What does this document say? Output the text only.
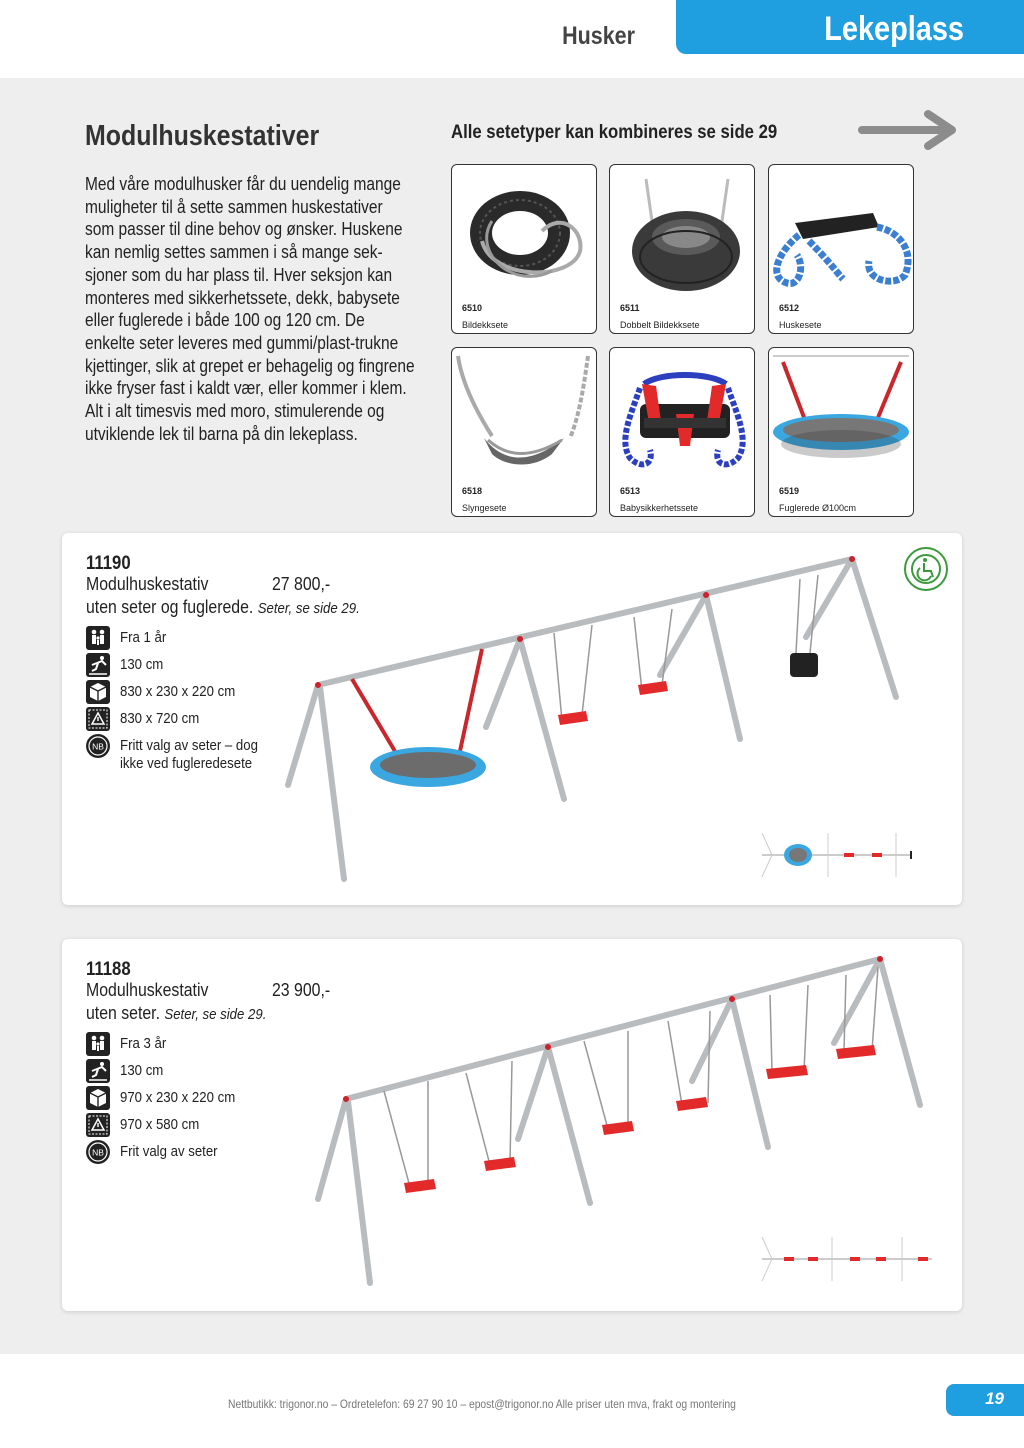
Husker	Lekeplass
Modulhuskestativer

Med våre modulhusker får du uendelig mange

muligheter til å sette sammen huskestativer

som passer til dine behov og ønsker. Huskene

kan nemlig settes sammen i så mange sek-

sjoner som du har plass til. Hver seksjon kan

monteres med sikkerhetssete, dekk, babysete

eller fuglerede i både 100 og 120 cm. De

enkelte seter leveres med gummi/plast-trukne

kjettinger, slik at grepet er behagelig og fingrene

ikke fryser fast i kaldt vær, eller kommer i klem.

Alt i alt timesvis med moro, stimulerende og

utviklende lek til barna på din lekeplass.

Alle setetyper kan kombineres se side 29
6510
Bildekksete
6511
Dobbelt Bildekksete
6512
Huskesete
6518
Slyngesete
6513
Babysikkerhetssete
6519
Fuglerede Ø100cm
11190
Modulhuskestativ	27 800,-
uten seter og fuglerede. Seter, se side 29.
Fra 1 år
130 cm
830 x 230 x 220 cm
830 x 720 cm
NB Fritt valg av seter – dog
ikke ved fugleredesete
11188
Modulhuskestativ	23 900,-
uten seter. Seter, se side 29.
Fra 3 år
130 cm
970 x 230 x 220 cm
970 x 580 cm
NB Frit valg av seter
Nettbutikk: trigonor.no – Ordretelefon: 69 27 90 10 – epost@trigonor.no Alle priser uten mva, frakt og montering	19
